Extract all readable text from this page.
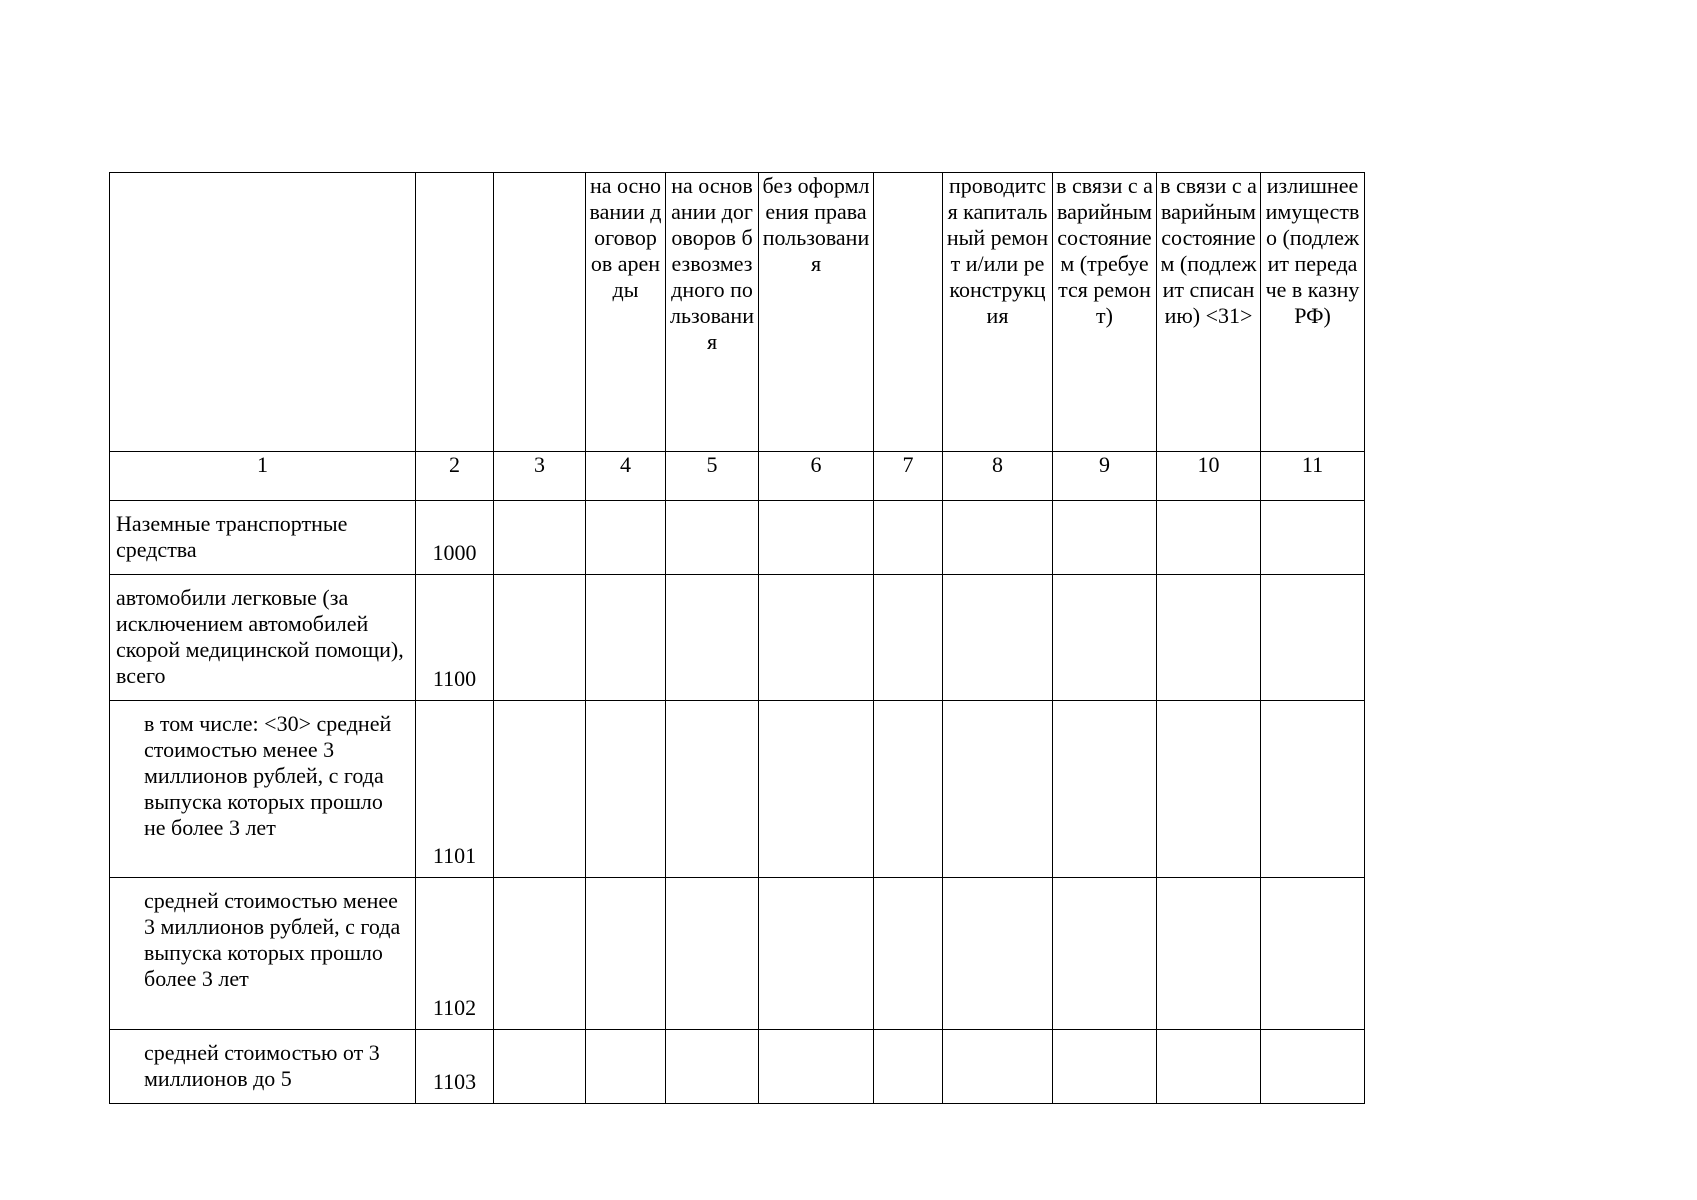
			на основании договоров аренды	на основании договоров безвозмездного пользования	без оформления права пользования		проводится капитальный ремонт и/или реконструкция	в связи с аварийным состоянием (требуется ремонт)	в связи с аварийным состоянием (подлежит списанию) <31>	излишнее имущество (подлежит передаче в казну РФ)

1	2	3	4	5	6	7	8	9	10	11
Наземные транспортные средства	1000									
автомобили легковые (за исключением автомобилей скорой медицинской помощи), всего	1100									
в том числе: <30> средней стоимостью менее 3 миллионов рублей, с года выпуска которых прошло не более 3 лет	1101									
средней стоимостью менее 3 миллионов рублей, с года выпуска которых прошло более 3 лет	1102									
средней стоимостью от 3 миллионов до 5	1103									
